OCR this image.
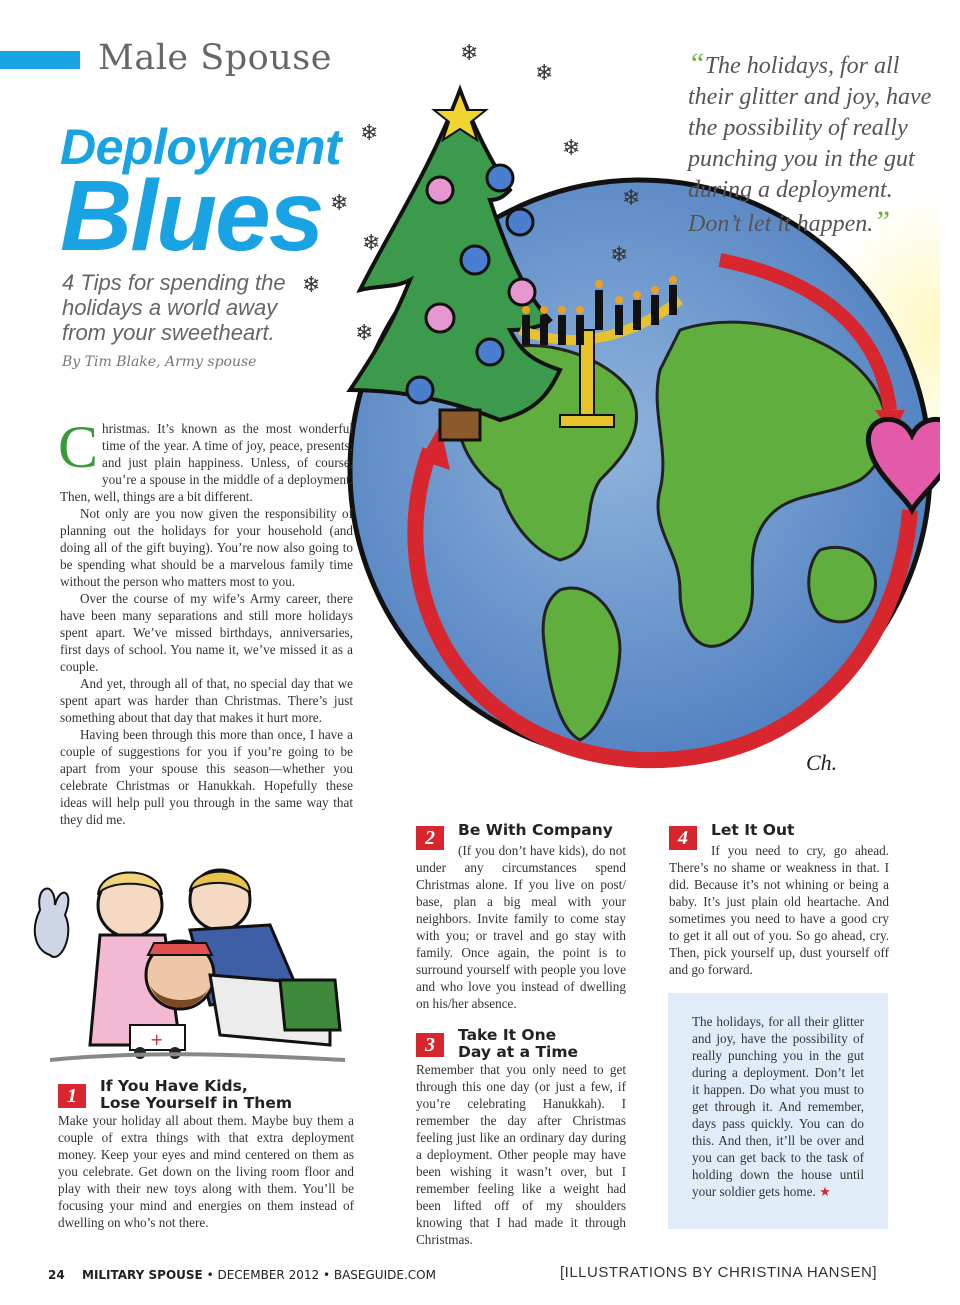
Male Spouse
Deployment
Blues
4 Tips for spending the holidays a world away from your sweetheart.
By Tim Blake, Army spouse
❄
❄
❄
❄
❄	❄
❄	❄
❄
❄
Ch.
“The holidays, for all their glitter and joy, have the possibility of really punching you in the gut during a deployment. Don’t let it happen.”

Christmas. It’s known as the most wonderful time of the year. A time of joy, peace, presents, and just plain happiness. Unless, of course, you’re a spouse in the middle of a deployment. Then, well, things are a bit different.

Not only are you now given the responsibility of planning out the holidays for your household (and doing all of the gift buying). You’re now also going to be spending what should be a marvelous family time without the person who matters most to you.

Over the course of my wife’s Army career, there have been many separations and still more holidays spent apart. We’ve missed birthdays, anniversaries, first days of school. You name it, we’ve missed it as a couple.

And yet, through all of that, no special day that we spent apart was harder than Christmas. There’s just something about that day that makes it hurt more.

Having been through this more than once, I have a couple of suggestions for you if you’re going to be apart from your spouse this season—whether you celebrate Christmas or Hanukkah. Hopefully these ideas will help pull you through in the same way that they did me.

+
1	If You Have Kids,
Lose Yourself in Them

Make your holiday all about them. Maybe buy them a couple of extra things with that extra deployment money. Keep your eyes and mind centered on them as you celebrate. Get down on the living room floor and play with their new toys along with them. You’ll be focusing your mind and energies on them instead of dwelling on who’s not there.

2	Be With Company

(If you don’t have kids), do not under any circumstances spend Christmas alone. If you live on post/ base, plan a big meal with your neighbors. Invite family to come stay with you; or travel and go stay with family. Once again, the point is to surround yourself with people you love and who love you instead of dwelling on his/her absence.

3	Take It One
Day at a Time

Remember that you only need to get through this one day (or just a few, if you’re celebrating Hanukkah). I remember the day after Christmas feeling just like an ordinary day during a deployment. Other people may have been wishing it wasn’t over, but I remember feeling like a weight had been lifted off of my shoulders knowing that I had made it through Christmas.

4	Let It Out

If you need to cry, go ahead. There’s no shame or weakness in that. I did. Because it’s not whining or being a baby. It’s just plain old heartache. And sometimes you need to have a good cry to get it all out of you. So go ahead, cry. Then, pick yourself up, dust yourself off and go forward.

The holidays, for all their glitter and joy, have the possibility of really punching you in the gut during a deployment. Don’t let it happen. Do what you must to get through it. And remember, days pass quickly. You can do this. And then, it’ll be over and you can get back to the task of holding down the house until your soldier gets home. ★

24 MILITARY SPOUSE • DECEMBER 2012 • BASEGUIDE.COM	[ILLUSTRATIONS BY CHRISTINA HANSEN]
